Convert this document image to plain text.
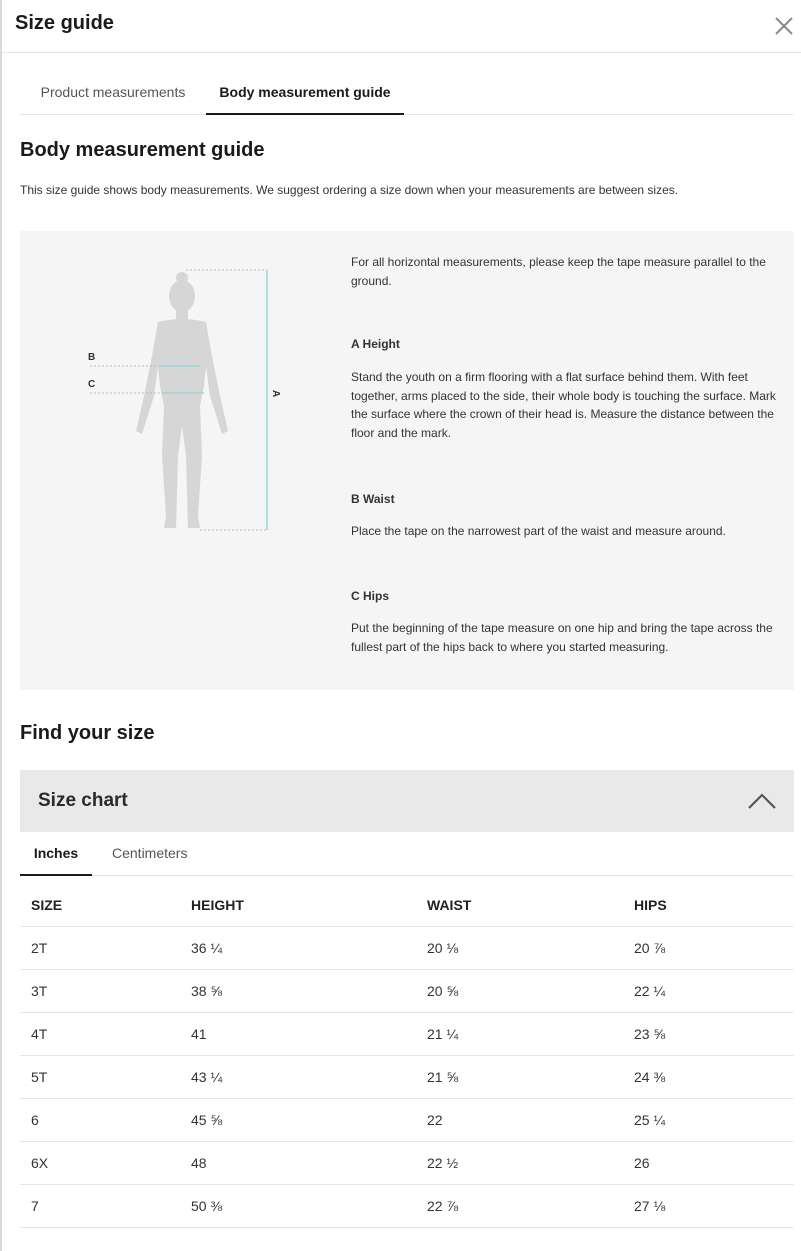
Size guide
Product measurements	Body measurement guide
Body measurement guide
This size guide shows body measurements. We suggest ordering a size down when your measurements are between sizes.
B
C
A
For all horizontal measurements, please keep the tape measure parallel to the ground.
A Height
Stand the youth on a firm flooring with a flat surface behind them. With feet together, arms placed to the side, their whole body is touching the surface. Mark the surface where the crown of their head is. Measure the distance between the floor and the mark.
B Waist
Place the tape on the narrowest part of the waist and measure around.
C Hips
Put the beginning of the tape measure on one hip and bring the tape across the fullest part of the hips back to where you started measuring.
Find your size
Size chart
Inches	Centimeters
SIZE	HEIGHT	WAIST	HIPS
2T	36 ¼	20 ⅛	20 ⅞
3T	38 ⅝	20 ⅝	22 ¼
4T	41	21 ¼	23 ⅝
5T	43 ¼	21 ⅝	24 ⅜
6	45 ⅝	22	25 ¼
6X	48	22 ½	26
7	50 ⅜	22 ⅞	27 ⅛
